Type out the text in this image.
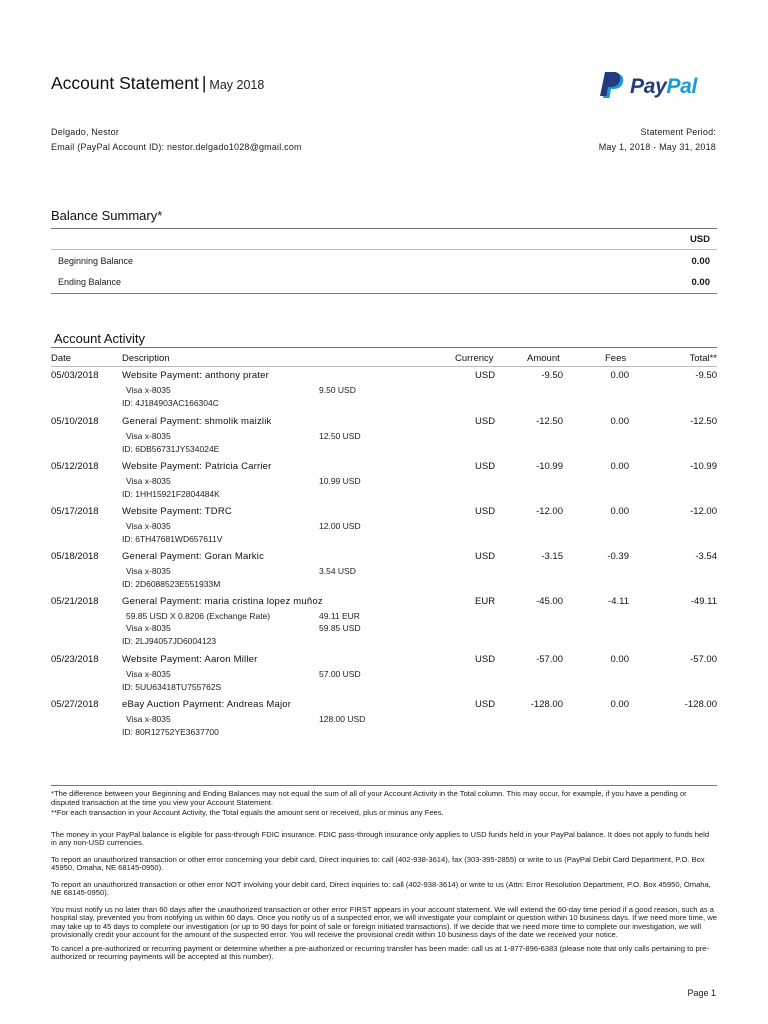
Account Statement | May 2018	PayPal
Delgado, Nestor
Email (PayPal Account ID): nestor.delgado1028@gmail.com
Statement Period:
May 1, 2018 - May 31, 2018
Balance Summary*
USD
Beginning Balance	0.00
Ending Balance	0.00
Account Activity
Date	Description	Currency	Amount	Fees	Total**
05/03/2018 Website Payment: anthony prater	USD	-9.50	0.00	-9.50
Visa x-8035	9.50 USD
ID: 4J184903AC166304C
05/10/2018 General Payment: shmolik maizlik	USD	-12.50	0.00	-12.50
Visa x-8035	12.50 USD
ID: 6DB56731JY534024E
05/12/2018 Website Payment: Patricia Carrier	USD	-10.99	0.00	-10.99
Visa x-8035	10.99 USD
ID: 1HH15921F2804484K
05/17/2018 Website Payment: TDRC	USD	-12.00	0.00	-12.00
Visa x-8035	12.00 USD
ID: 6TH47681WD657611V
05/18/2018 General Payment: Goran Markic	USD	-3.15	-0.39	-3.54
Visa x-8035	3.54 USD
ID: 2D6088523E551933M
05/21/2018 General Payment: maria cristina lopez muñoz	EUR	-45.00	-4.11	-49.11
59.85 USD X 0.8206 (Exchange Rate)	49.11 EUR
Visa x-8035	59.85 USD
ID: 2LJ94057JD6004123
05/23/2018 Website Payment: Aaron Miller	USD	-57.00	0.00	-57.00
Visa x-8035	57.00 USD
ID: 5UU63418TU755762S
05/27/2018 eBay Auction Payment: Andreas Major	USD	-128.00	0.00	-128.00
Visa x-8035	128.00 USD
ID: 80R12752YE3637700

*The difference between your Beginning and Ending Balances may not equal the sum of all of your Account Activity in the Total column. This may occur, for example, if you have a pending or disputed transaction at the time you view your Account Statement.

**For each transaction in your Account Activity, the Total equals the amount sent or received, plus or minus any Fees.

The money in your PayPal balance is eligible for pass-through FDIC insurance. FDIC pass-through insurance only applies to USD funds held in your PayPal balance. It does not apply to funds held in any non-USD currencies.

To report an unauthorized transaction or other error concerning your debit card, Direct inquiries to: call (402-938-3614), fax (303-395-2855) or write to us (PayPal Debit Card Department, P.O. Box 45950, Omaha, NE 68145-0950).

To report an unauthorized transaction or other error NOT involving your debit card, Direct inquiries to: call (402-938-3614) or write to us (Attn: Error Resolution Department, P.O. Box 45950, Omaha, NE 68145-0950).

You must notify us no later than 60 days after the unauthorized transaction or other error FIRST appears in your account statement. We will extend the 60-day time period if a good reason, such as a hospital stay, prevented you from notifying us within 60 days. Once you notify us of a suspected error, we will investigate your complaint or question within 10 business days. If we need more time, we may take up to 45 days to complete our investigation (or up to 90 days for point of sale or foreign initiated transactions). If we decide that we need more time to complete our investigation, we will provisionally credit your account for the amount of the suspected error. You will receive the provisional credit within 10 business days of the date we received your notice.

To cancel a pre-authorized or recurring payment or determine whether a pre-authorized or recurring transfer has been made: call us at 1-877-896-6383 (please note that only calls pertaining to pre-authorized or recurring payments will be accepted at this number).

Page 1
